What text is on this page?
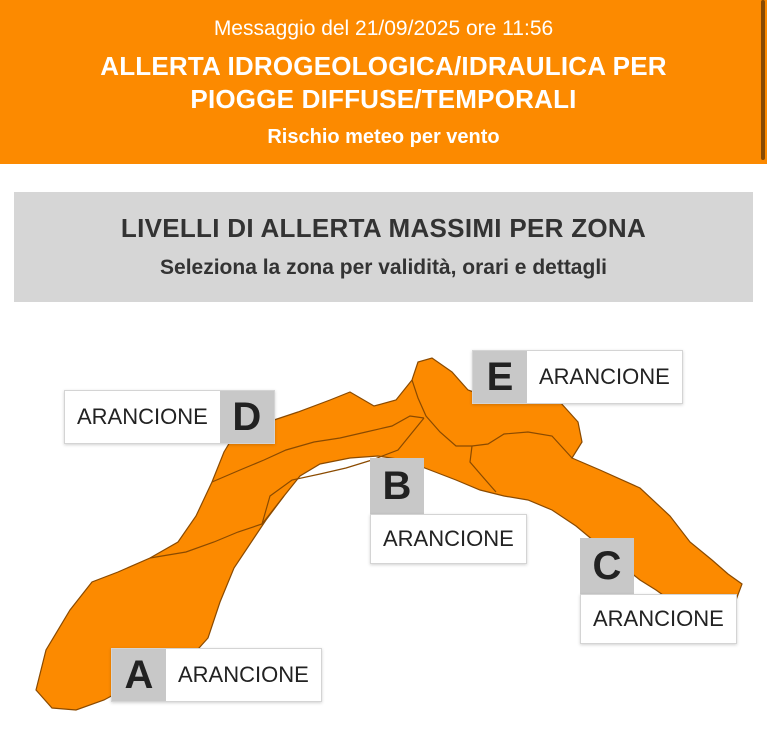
Messaggio del 21/09/2025 ore 11:56
ALLERTA IDROGEOLOGICA/IDRAULICA PER
PIOGGE DIFFUSE/TEMPORALI
Rischio meteo per vento
LIVELLI DI ALLERTA MASSIMI PER ZONA
Seleziona la zona per validità, orari e dettagli
A	ARANCIONE
B
ARANCIONE
C
ARANCIONE
ARANCIONE D
E	ARANCIONE
